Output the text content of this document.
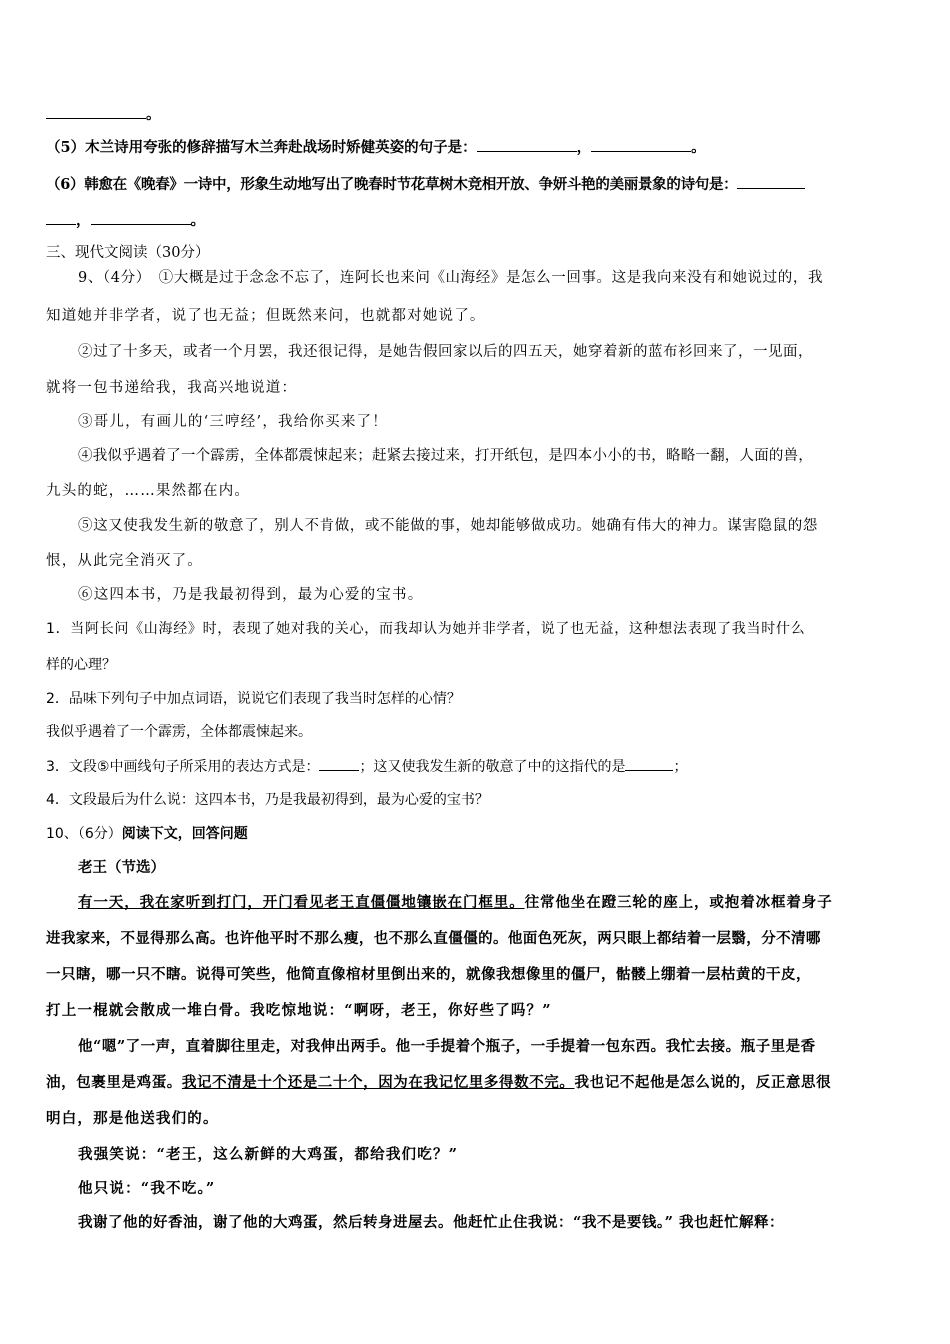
。
（5）木兰诗用夸张的修辞描写木兰奔赴战场时矫健英姿的句子是：	，	。
（6）韩愈在《晚春》一诗中，形象生动地写出了晚春时节花草树木竞相开放、争妍斗艳的美丽景象的诗句是：
，	。
三、现代文阅读（30分）
9、（4分）　①大概是过于念念不忘了，连阿长也来问《山海经》是怎么一回事。这是我向来没有和她说过的，我
知道她并非学者，说了也无益；但既然来问，也就都对她说了。
②过了十多天，或者一个月罢，我还很记得，是她告假回家以后的四五天，她穿着新的蓝布衫回来了，一见面，
就将一包书递给我，我高兴地说道：
③哥儿，有画儿的‘三哼经’，我给你买来了！
④我似乎遇着了一个霹雳，全体都震悚起来；赶紧去接过来，打开纸包，是四本小小的书，略略一翻，人面的兽，
九头的蛇，……果然都在内。
⑤这又使我发生新的敬意了，别人不肯做，或不能做的事，她却能够做成功。她确有伟大的神力。谋害隐鼠的怨
恨，从此完全消灭了。
⑥这四本书，乃是我最初得到，最为心爱的宝书。
1．当阿长问《山海经》时，表现了她对我的关心，而我却认为她并非学者，说了也无益，这种想法表现了我当时什么
样的心理？
2．品味下列句子中加点词语，说说它们表现了我当时怎样的心情？
我似乎遇着了一个霹雳，全体都震悚起来。
3．文段⑤中画线句子所采用的表达方式是：	；这又使我发生新的敬意了中的这指代的是	；
4．文段最后为什么说：这四本书，乃是我最初得到，最为心爱的宝书？
10、（6分）阅读下文，回答问题
老王（节选）
有一天，我在家听到打门，开门看见老王直僵僵地镶嵌在门框里。往常他坐在蹬三轮的座上，或抱着冰框着身子
进我家来，不显得那么高。也许他平时不那么瘦，也不那么直僵僵的。他面色死灰，两只眼上都结着一层翳，分不清哪
一只瞎，哪一只不瞎。说得可笑些，他简直像棺材里倒出来的，就像我想像里的僵尸，骷髅上绷着一层枯黄的干皮，
打上一棍就会散成一堆白骨。我吃惊地说：“啊呀，老王，你好些了吗？”
他“嗯”了一声，直着脚往里走，对我伸出两手。他一手提着个瓶子，一手提着一包东西。我忙去接。瓶子里是香
油，包裹里是鸡蛋。我记不清是十个还是二十个，因为在我记忆里多得数不完。我也记不起他是怎么说的，反正意思很
明白，那是他送我们的。
我强笑说：“老王，这么新鲜的大鸡蛋，都给我们吃？”
他只说：“我不吃。”
我谢了他的好香油，谢了他的大鸡蛋，然后转身进屋去。他赶忙止住我说：“我不是要钱。” 我也赶忙解释：
